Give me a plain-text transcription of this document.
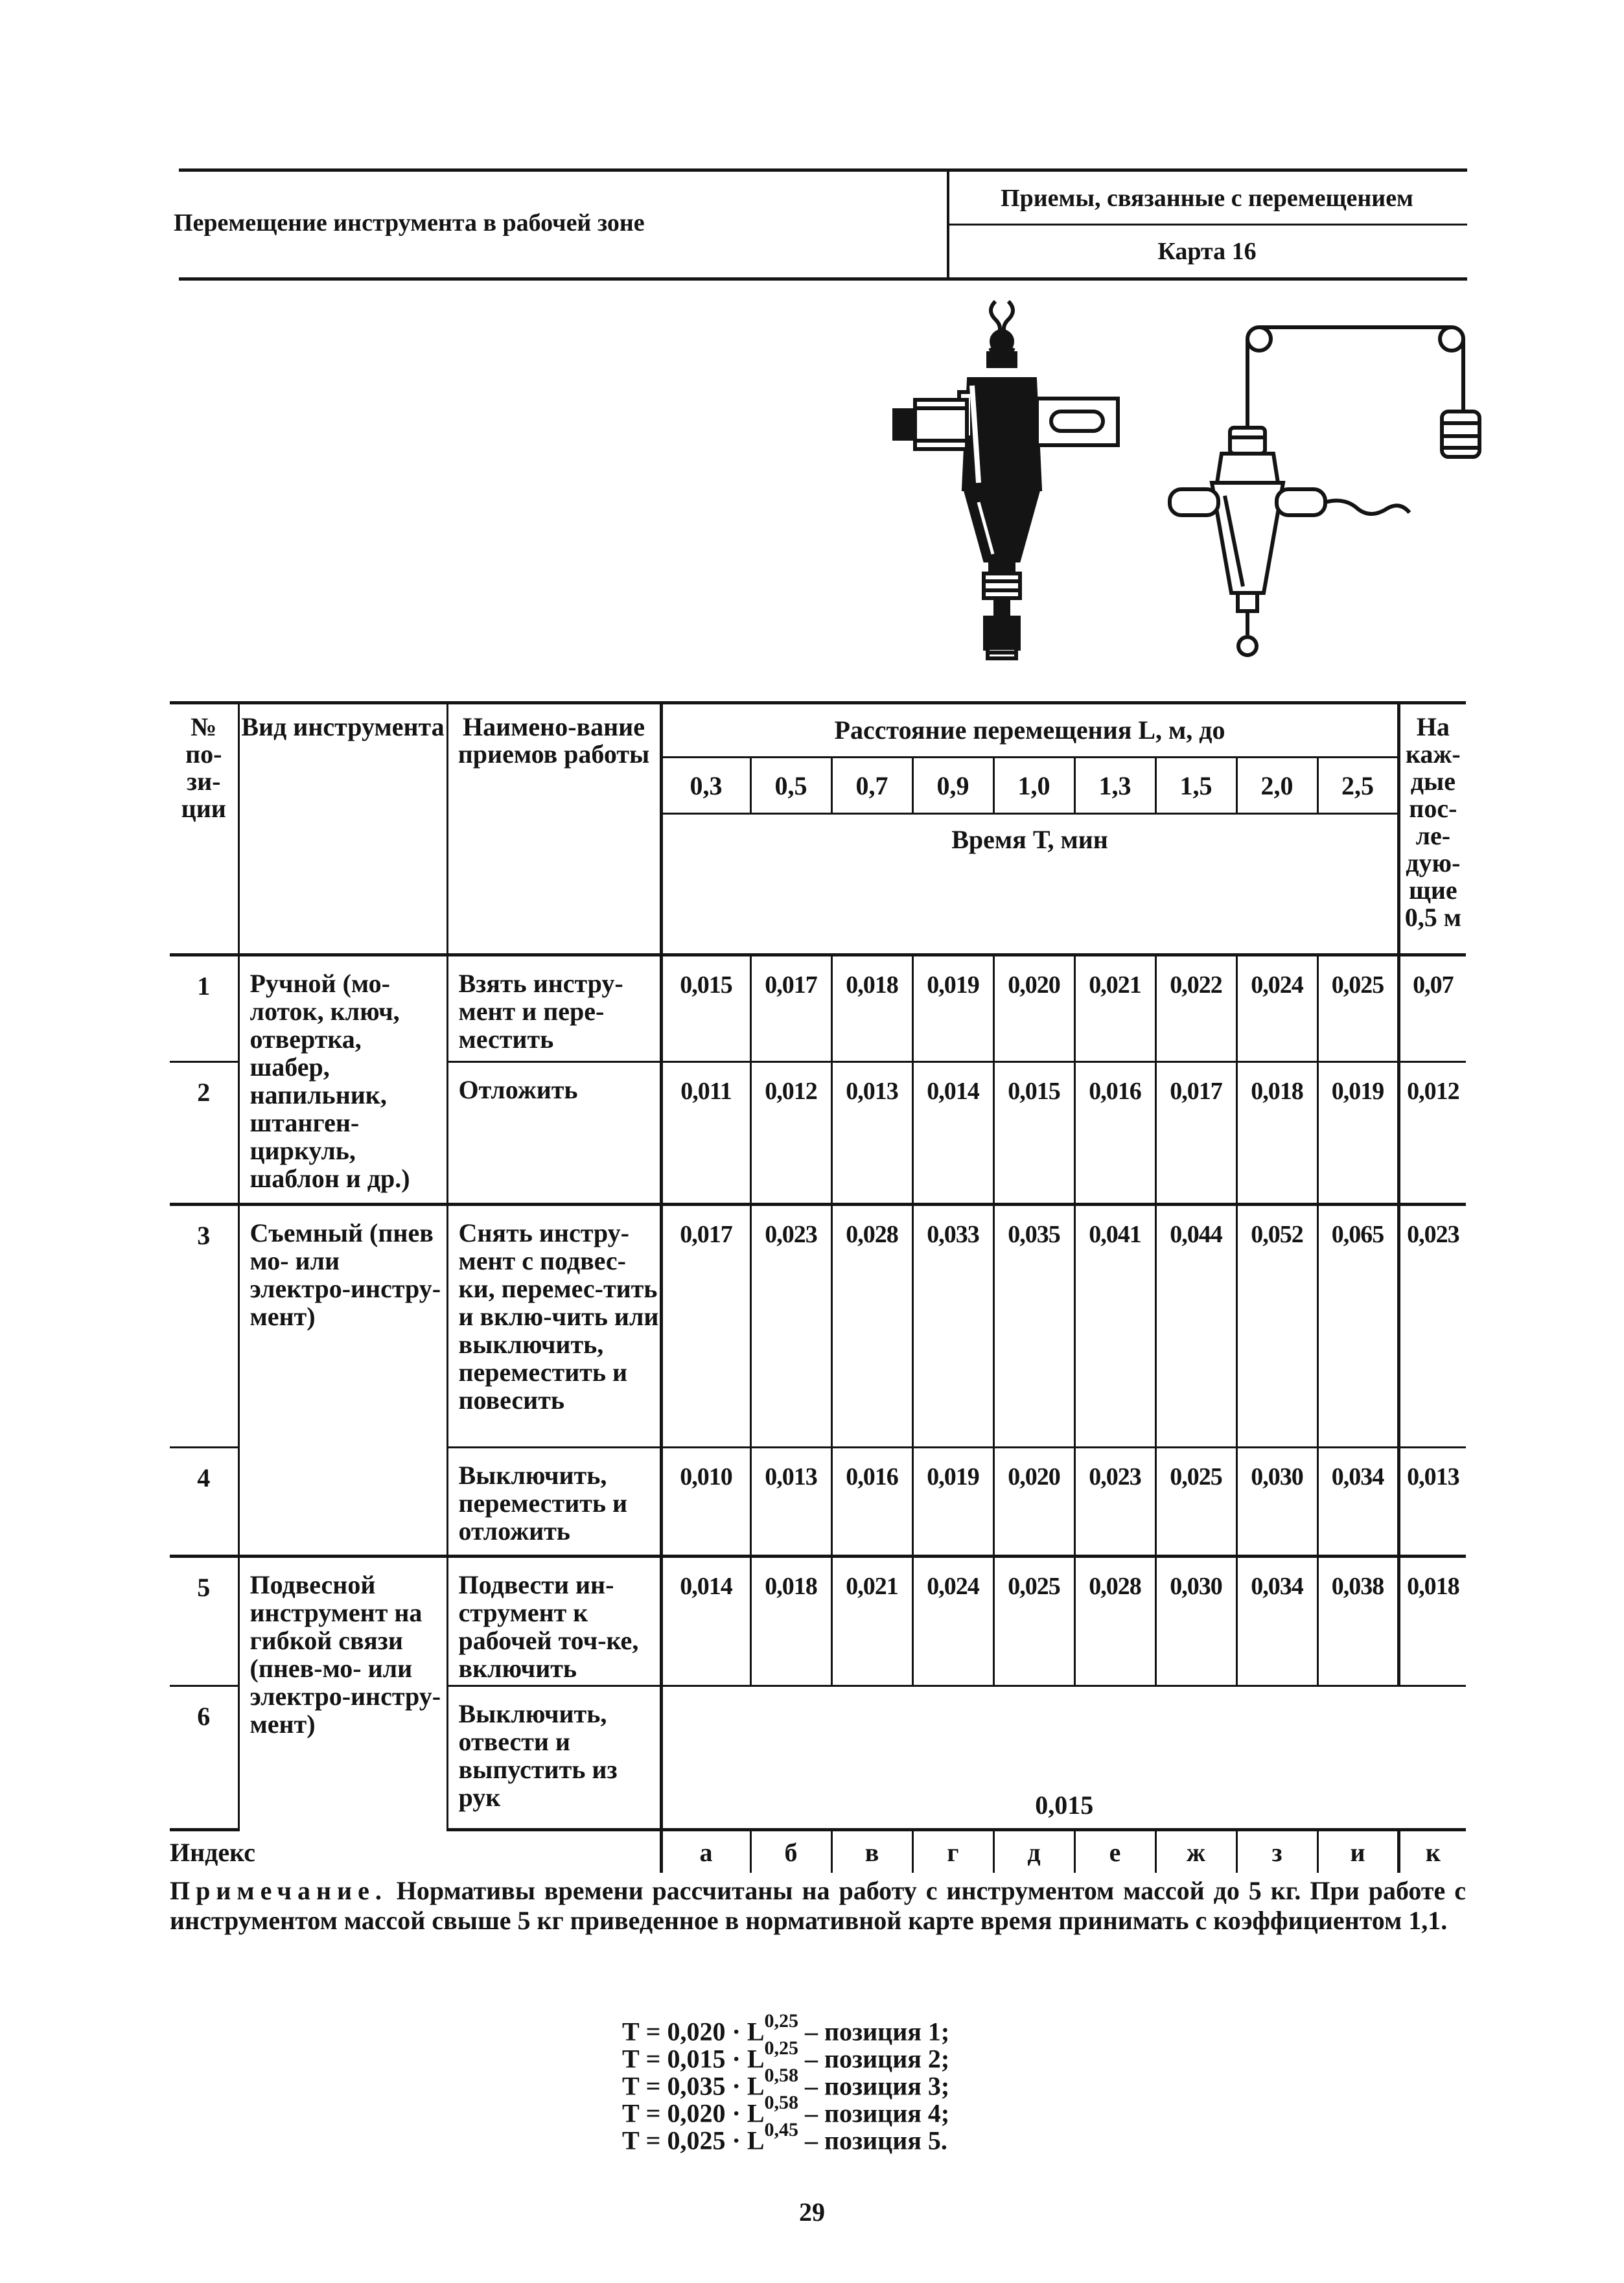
Перемещение инструмента в рабочей зоне
Приемы, связанные с перемещением
Карта 16
№ по-зи-ции	Вид инструмента	Наимено-вание приемов работы	Расстояние перемещения L, м, до									На каж-дые пос-ле-дую-щие 0,5 м
			0,3	0,5	0,7	0,9	1,0	1,3	1,5	2,0	2,5	
			Время Т, мин									
1	Ручной (мо-лоток, ключ, отвертка, шабер, напильник, штанген-циркуль, шаблон и др.)	Взять инстру-мент и пере-местить	0,015	0,017	0,018	0,019	0,020	0,021	0,022	0,024	0,025	0,07
2		Отложить	0,011	0,012	0,013	0,014	0,015	0,016	0,017	0,018	0,019	0,012
3	Съемный (пнев мо- или электро-инстру-мент)	Снять инстру-мент с подвес-ки, перемес-тить и вклю-чить или выключить, переместить и повесить	0,017	0,023	0,028	0,033	0,035	0,041	0,044	0,052	0,065	0,023
4		Выключить, переместить и отложить	0,010	0,013	0,016	0,019	0,020	0,023	0,025	0,030	0,034	0,013
5	Подвесной инструмент на гибкой связи (пнев-мо- или электро-инстру-мент)	Подвести ин-струмент к рабочей точ-ке, включить	0,014	0,018	0,021	0,024	0,025	0,028	0,030	0,034	0,038	0,018
6		Выключить, отвести и выпустить из рук	0,015									
Индекс			а	б	в	г	д	е	ж	з	и	к
Примечание. Нормативы времени рассчитаны на работу с инструментом массой до 5 кг. При работе с инструментом массой свыше 5 кг приведенное в нормативной карте время принимать с коэффициентом 1,1.
Т = 0,020 · L$^{0,25}$ – позиция 1;
Т = 0,015 · L$^{0,25}$ – позиция 2;
Т = 0,035 · L$^{0,58}$ – позиция 3;
Т = 0,020 · L$^{0,58}$ – позиция 4;
Т = 0,025 · L$^{0,45}$ – позиция 5.
29
